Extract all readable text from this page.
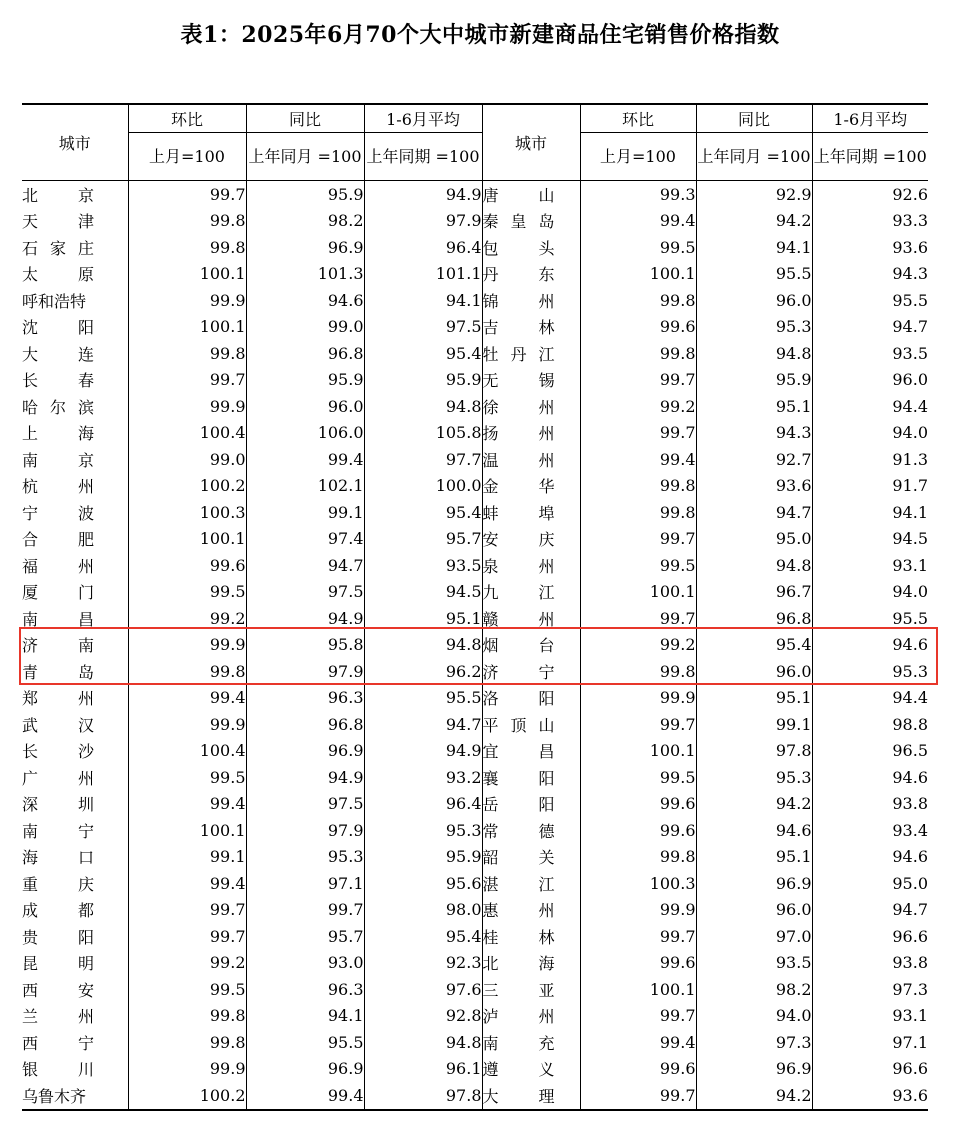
表1：2025年6月70个大中城市新建商品住宅销售价格指数
城市	环比	同比	1-6月平均	城市	环比	同比	1-6月平均
	上月=100	上年同月 =100	上年同期 =100		上月=100	上年同月 =100	上年同期 =100

北 京	99.7	95.9	94.9	唐 山	99.3	92.9	92.6

天 津	99.8	98.2	97.9	秦 皇 岛	99.4	94.2	93.3

石 家 庄	99.8	96.9	96.4	包 头	99.5	94.1	93.6

太 原	100.1	101.3	101.1	丹 东	100.1	95.5	94.3

呼 和 浩 特	99.9	94.6	94.1	锦 州	99.8	96.0	95.5

沈 阳	100.1	99.0	97.5	吉 林	99.6	95.3	94.7

大 连	99.8	96.8	95.4	牡 丹 江	99.8	94.8	93.5

长 春	99.7	95.9	95.9	无 锡	99.7	95.9	96.0

哈 尔 滨	99.9	96.0	94.8	徐 州	99.2	95.1	94.4

上 海	100.4	106.0	105.8	扬 州	99.7	94.3	94.0

南 京	99.0	99.4	97.7	温 州	99.4	92.7	91.3

杭 州	100.2	102.1	100.0	金 华	99.8	93.6	91.7

宁 波	100.3	99.1	95.4	蚌 埠	99.8	94.7	94.1

合 肥	100.1	97.4	95.7	安 庆	99.7	95.0	94.5

福 州	99.6	94.7	93.5	泉 州	99.5	94.8	93.1

厦 门	99.5	97.5	94.5	九 江	100.1	96.7	94.0

南 昌	99.2	94.9	95.1	赣 州	99.7	96.8	95.5

济 南	99.9	95.8	94.8	烟 台	99.2	95.4	94.6

青 岛	99.8	97.9	96.2	济 宁	99.8	96.0	95.3

郑 州	99.4	96.3	95.5	洛 阳	99.9	95.1	94.4

武 汉	99.9	96.8	94.7	平 顶 山	99.7	99.1	98.8

长 沙	100.4	96.9	94.9	宜 昌	100.1	97.8	96.5

广 州	99.5	94.9	93.2	襄 阳	99.5	95.3	94.6

深 圳	99.4	97.5	96.4	岳 阳	99.6	94.2	93.8

南 宁	100.1	97.9	95.3	常 德	99.6	94.6	93.4

海 口	99.1	95.3	95.9	韶 关	99.8	95.1	94.6

重 庆	99.4	97.1	95.6	湛 江	100.3	96.9	95.0

成 都	99.7	99.7	98.0	惠 州	99.9	96.0	94.7

贵 阳	99.7	95.7	95.4	桂 林	99.7	97.0	96.6

昆 明	99.2	93.0	92.3	北 海	99.6	93.5	93.8

西 安	99.5	96.3	97.6	三 亚	100.1	98.2	97.3

兰 州	99.8	94.1	92.8	泸 州	99.7	94.0	93.1

西 宁	99.8	95.5	94.8	南 充	99.4	97.3	97.1

银 川	99.9	96.9	96.1	遵 义	99.6	96.9	96.6

乌 鲁 木 齐	100.2	99.4	97.8	大 理	99.7	94.2	93.6
